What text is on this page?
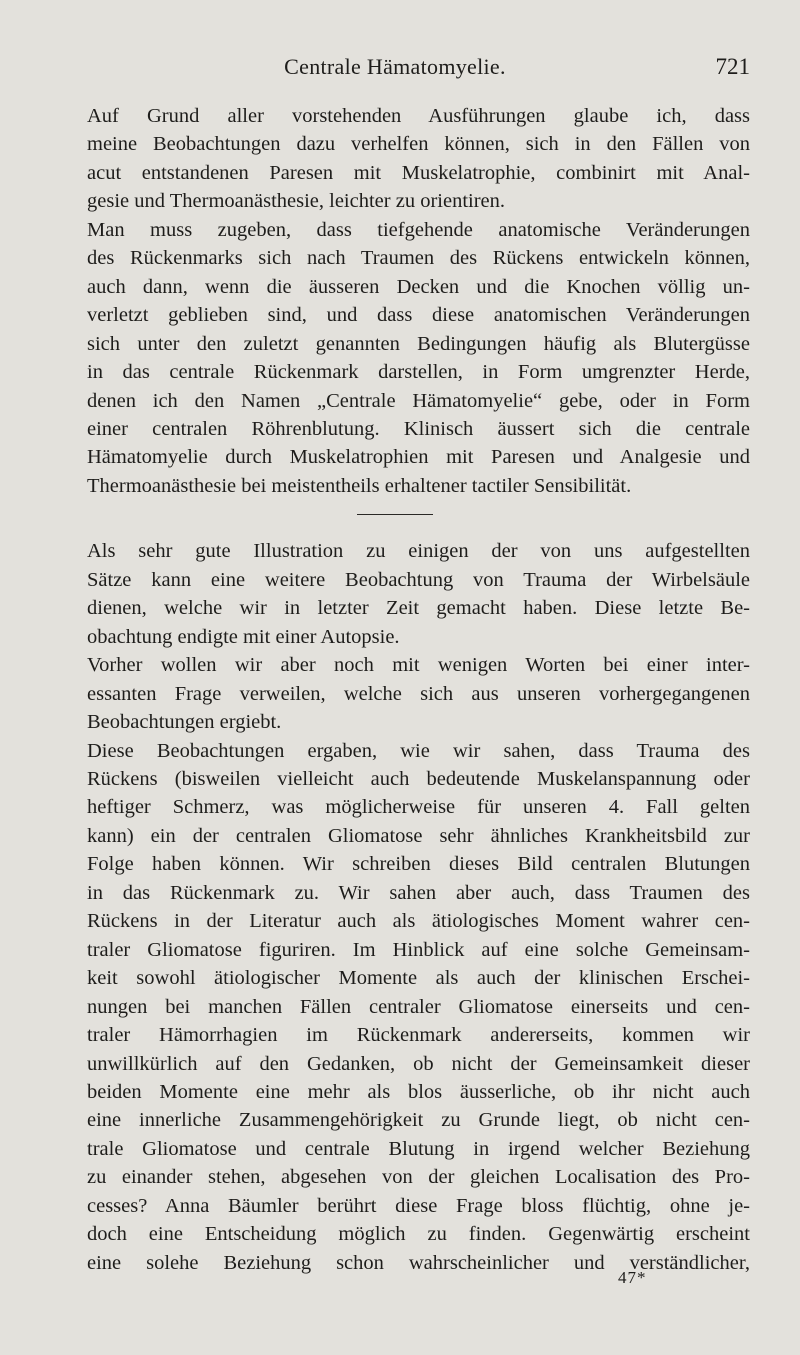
Centrale Hämatomyelie.	721

Auf Grund aller vorstehenden Ausführungen glaube ich, dass
meine Beobachtungen dazu verhelfen können, sich in den Fällen von
acut entstandenen Paresen mit Muskelatrophie, combinirt mit Anal-
gesie und Thermoanästhesie, leichter zu orientiren.

Man muss zugeben, dass tiefgehende anatomische Veränderungen
des Rückenmarks sich nach Traumen des Rückens entwickeln können,
auch dann, wenn die äusseren Decken und die Knochen völlig un-
verletzt geblieben sind, und dass diese anatomischen Veränderungen
sich unter den zuletzt genannten Bedingungen häufig als Blutergüsse
in das centrale Rückenmark darstellen, in Form umgrenzter Herde,
denen ich den Namen „Centrale Hämatomyelie“ gebe, oder in Form
einer centralen Röhrenblutung. Klinisch äussert sich die centrale
Hämatomyelie durch Muskelatrophien mit Paresen und Analgesie und
Thermoanästhesie bei meistentheils erhaltener tactiler Sensibilität.

Als sehr gute Illustration zu einigen der von uns aufgestellten
Sätze kann eine weitere Beobachtung von Trauma der Wirbelsäule
dienen, welche wir in letzter Zeit gemacht haben. Diese letzte Be-
obachtung endigte mit einer Autopsie.

Vorher wollen wir aber noch mit wenigen Worten bei einer inter-
essanten Frage verweilen, welche sich aus unseren vorhergegangenen
Beobachtungen ergiebt.

Diese Beobachtungen ergaben, wie wir sahen, dass Trauma des
Rückens (bisweilen vielleicht auch bedeutende Muskelanspannung oder
heftiger Schmerz, was möglicherweise für unseren 4. Fall gelten
kann) ein der centralen Gliomatose sehr ähnliches Krankheitsbild zur
Folge haben können. Wir schreiben dieses Bild centralen Blutungen
in das Rückenmark zu. Wir sahen aber auch, dass Traumen des
Rückens in der Literatur auch als ätiologisches Moment wahrer cen-
traler Gliomatose figuriren. Im Hinblick auf eine solche Gemeinsam-
keit sowohl ätiologischer Momente als auch der klinischen Erschei-
nungen bei manchen Fällen centraler Gliomatose einerseits und cen-
traler Hämorrhagien im Rückenmark andererseits, kommen wir
unwillkürlich auf den Gedanken, ob nicht der Gemeinsamkeit dieser
beiden Momente eine mehr als blos äusserliche, ob ihr nicht auch
eine innerliche Zusammengehörigkeit zu Grunde liegt, ob nicht cen-
trale Gliomatose und centrale Blutung in irgend welcher Beziehung
zu einander stehen, abgesehen von der gleichen Localisation des Pro-
cesses? Anna Bäumler berührt diese Frage bloss flüchtig, ohne je-
doch eine Entscheidung möglich zu finden. Gegenwärtig erscheint
eine solehe Beziehung schon wahrscheinlicher und verständlicher,

47*
